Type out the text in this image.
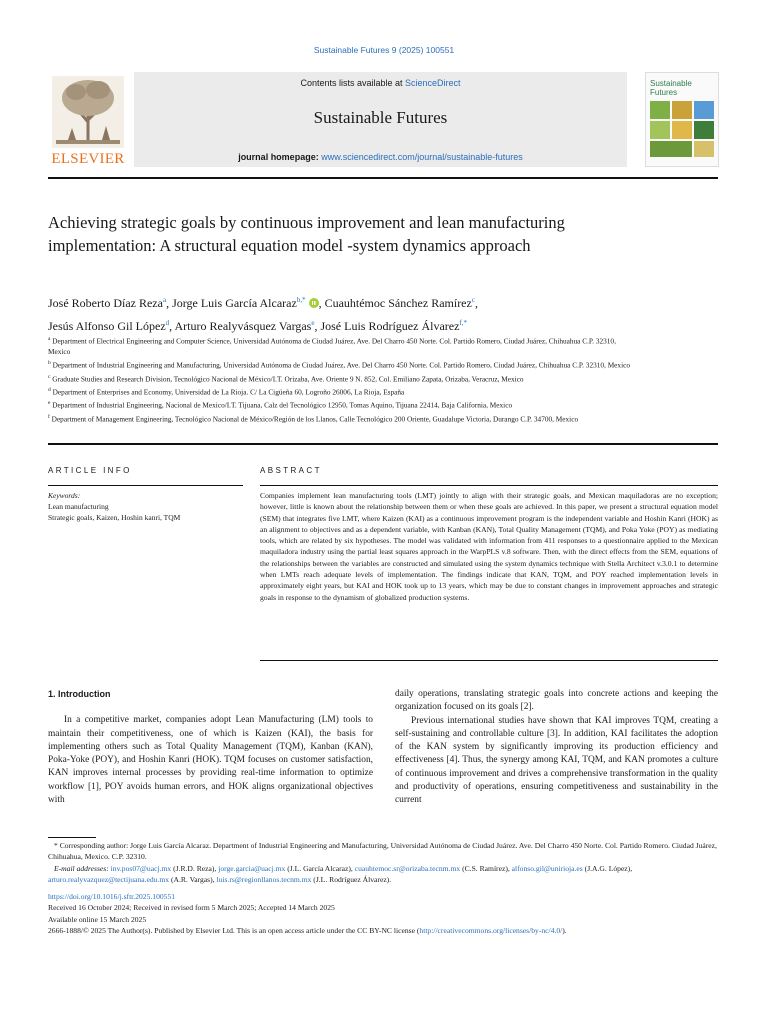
Sustainable Futures 9 (2025) 100551
ELSEVIER
Contents lists available at ScienceDirect
Sustainable Futures
journal homepage: www.sciencedirect.com/journal/sustainable-futures
Sustainable
Futures
Achieving strategic goals by continuous improvement and lean manufacturing implementation: A structural equation model -system dynamics approach
José Roberto Díaz Reza$^a$, Jorge Luis García Alcaraz$^{b,*}$ , Cuauhtémoc Sánchez Ramírez$^c$,
Jesús Alfonso Gil López$^d$, Arturo Realyvásquez Vargas$^e$, José Luis Rodríguez Álvarez$^{f,*}$

$^a$ Department of Electrical Engineering and Computer Science, Universidad Autónoma de Ciudad Juárez, Ave. Del Charro 450 Norte. Col. Partido Romero, Ciudad Juárez, Chihuahua C.P. 32310, Mexico

$^b$ Department of Industrial Engineering and Manufacturing, Universidad Autónoma de Ciudad Juárez, Ave. Del Charro 450 Norte. Col. Partido Romero, Ciudad Juárez, Chihuahua C.P. 32310, Mexico

$^c$ Graduate Studies and Research Division, Tecnológico Nacional de México/I.T. Orizaba, Ave. Oriente 9 N. 852, Col. Emiliano Zapata, Orizaba, Veracruz, Mexico

$^d$ Department of Enterprises and Economy, Universidad de La Rioja. C/ La Cigüeña 60, Logroño 26006, La Rioja, España

$^e$ Department of Industrial Engineering, Nacional de Mexico/I.T. Tijuana, Calz del Tecnológico 12950, Tomas Aquino, Tijuana 22414, Baja California, Mexico

$^f$ Department of Management Engineering, Tecnológico Nacional de México/Región de los Llanos, Calle Tecnológico 200 Oriente, Guadalupe Victoria, Durango C.P. 34700, Mexico

ARTICLE INFO
Keywords:
Lean manufacturing
Strategic goals, Kaizen, Hoshin kanri, TQM
ABSTRACT
Companies implement lean manufacturing tools (LMT) jointly to align with their strategic goals, and Mexican maquiladoras are no exception; however, little is known about the relationship between them or when these goals are achieved. In this paper, we present a structural equation model (SEM) that integrates five LMT, where Kaizen (KAI) as a continuous improvement program is the independent variable and Hoshin Kanri (HOK) as an alignment to objectives and as a dependent variable, with Kanban (KAN), Total Quality Management (TQM), and Poka Yoke (POY) as mediating tools, which are related by six hypotheses. The model was validated with information from 411 responses to a questionnaire applied to the Mexican maquiladora industry using the partial least squares approach in the WarpPLS v.8 software. Then, with the direct effects from the SEM, equations of the relationships between the variables are constructed and simulated using the system dynamics technique with Stella Architect v.3.0.1 to determine when LMTs reach adequate levels of implementation. The findings indicate that KAN, TQM, and POY reached implementation levels in approximately eight years, but KAI and HOK took up to 13 years, which may be due to constant changes in improvement approaches and strategic goals in response to the dynamism of globalized production systems.
1. Introduction

In a competitive market, companies adopt Lean Manufacturing (LM) tools to maintain their competitiveness, one of which is Kaizen (KAI), the basis for implementing others such as Total Quality Management (TQM), Kanban (KAN), Poka-Yoke (POY), and Hoshin Kanri (HOK). TQM focuses on customer satisfaction, KAN improves internal processes by providing real-time information to optimize workflow [1], POY avoids human errors, and HOK aligns organizational objectives with

daily operations, translating strategic goals into concrete actions and keeping the organization focused on its goals [2].

Previous international studies have shown that KAI improves TQM, creating a self-sustaining and controllable culture [3]. In addition, KAI facilitates the adoption of the KAN system by significantly improving its production efficiency and effectiveness [4]. Thus, the synergy among KAI, TQM, and KAN promotes a culture of continuous improvement and drives a comprehensive transformation in the quality and productivity of operations, ensuring competitiveness and sustainability in the current

* Corresponding author: Jorge Luis García Alcaraz. Department of Industrial Engineering and Manufacturing, Universidad Autónoma de Ciudad Juárez. Ave. Del Charro 450 Norte. Col. Partido Romero. Ciudad Juárez, Chihuahua, Mexico. C.P. 32310.

E-mail addresses: inv.pos07@uacj.mx (J.R.D. Reza), jorge.garcia@uacj.mx (J.L. García Alcaraz), cuauhtemoc.sr@orizaba.tecnm.mx (C.S. Ramírez), alfonso.gil@unirioja.es (J.A.G. López), arturo.realyvazquez@tectijuana.edu.mx (A.R. Vargas), luis.rs@regionllanos.tecnm.mx (J.L. Rodríguez Álvarez).

https://doi.org/10.1016/j.sftr.2025.100551

Received 16 October 2024; Received in revised form 5 March 2025; Accepted 14 March 2025

Available online 15 March 2025

2666-1888/© 2025 The Author(s). Published by Elsevier Ltd. This is an open access article under the CC BY-NC license (http://creativecommons.org/licenses/by-nc/4.0/).
